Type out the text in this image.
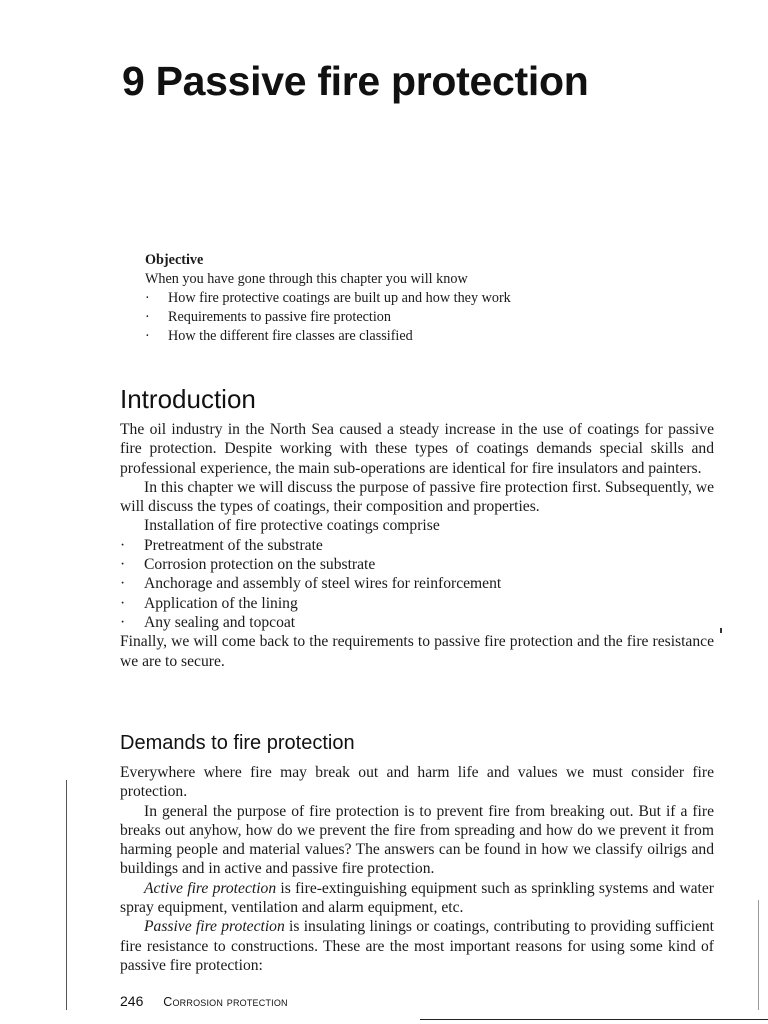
9 Passive fire protection
Objective
When you have gone through this chapter you will know
· How fire protective coatings are built up and how they work
· Requirements to passive fire protection
· How the different fire classes are classified
Introduction

The oil industry in the North Sea caused a steady increase in the use of coatings for passive fire protection. Despite working with these types of coatings demands special skills and professional experience, the main sub-operations are identical for fire insulators and painters.

In this chapter we will discuss the purpose of passive fire protection first. Subsequently, we will discuss the types of coatings, their composition and properties.

Installation of fire protective coatings comprise

· Pretreatment of the substrate
· Corrosion protection on the substrate
· Anchorage and assembly of steel wires for reinforcement
· Application of the lining
· Any sealing and topcoat

Finally, we will come back to the requirements to passive fire protection and the fire resistance we are to secure.

Demands to fire protection

Everywhere where fire may break out and harm life and values we must consider fire protection.

In general the purpose of fire protection is to prevent fire from breaking out. But if a fire breaks out anyhow, how do we prevent the fire from spreading and how do we prevent it from harming people and material values? The answers can be found in how we classify oilrigs and buildings and in active and passive fire protection.

Active fire protection is fire-extinguishing equipment such as sprinkling systems and water spray equipment, ventilation and alarm equipment, etc.

Passive fire protection is insulating linings or coatings, contributing to providing sufficient fire resistance to constructions. These are the most important reasons for using some kind of passive fire protection:

246 Corrosion protection
